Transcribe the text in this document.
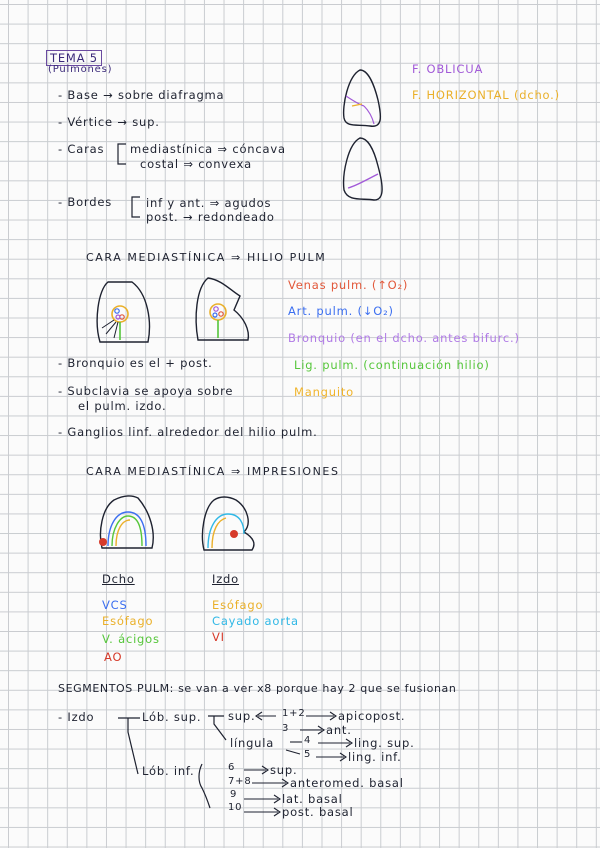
TEMA 5
(Pulmones)
- Base → sobre diafragma
- Vértice → sup.
- Caras mediastínica ⇒ cóncava
costal ⇒ convexa
- Bordes	inf y ant. ⇒ agudos
post. → redondeado
F. OBLICUA
F. HORIZONTAL (dcho.)
CARA MEDIASTÍNICA ⇒ HILIO PULM
Venas pulm. (↑O₂)
Art. pulm. (↓O₂)
Bronquio (en el dcho. antes bifurc.)
Lig. pulm. (continuación hilio)
Manguito
- Bronquio es el + post.
- Subclavia se apoya sobre
el pulm. izdo.
- Ganglios linf. alrededor del hilio pulm.
CARA MEDIASTÍNICA ⇒ IMPRESIONES
Dcho
VCS
Esófago
V. ácigos
AO
Izdo
Esófago
Cayado aorta
VI
SEGMENTOS PULM: se van a ver x8 porque hay 2 que se fusionan
- Izdo	Lób. sup. sup.
língula
Lób. inf.
1+2	apicopost.
3	ant.
4	ling. sup.
5	ling. inf.
6	sup.
7+8	anteromed. basal
9	lat. basal
10	post. basal
